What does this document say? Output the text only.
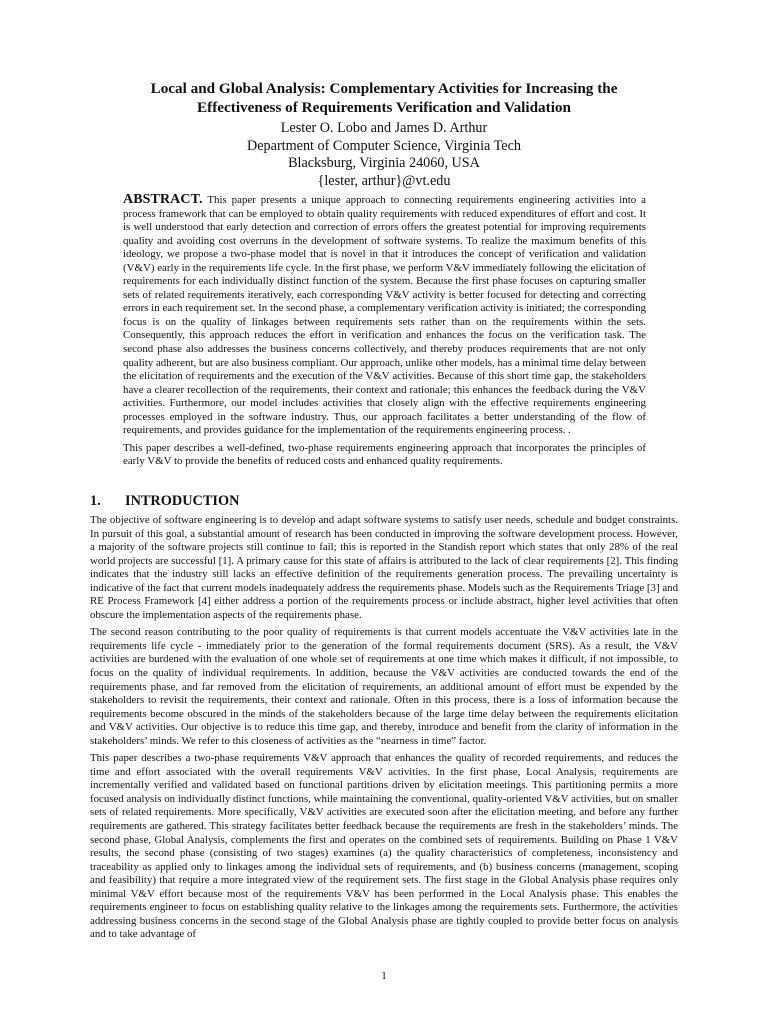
Local and Global Analysis: Complementary Activities for Increasing the
Effectiveness of Requirements Verification and Validation
Lester O. Lobo and James D. Arthur
Department of Computer Science, Virginia Tech
Blacksburg, Virginia 24060, USA
{lester, arthur}@vt.edu

ABSTRACT. This paper presents a unique approach to connecting requirements engineering activities into a process framework that can be employed to obtain quality requirements with reduced expenditures of effort and cost. It is well understood that early detection and correction of errors offers the greatest potential for improving requirements quality and avoiding cost overruns in the development of software systems. To realize the maximum benefits of this ideology, we propose a two-phase model that is novel in that it introduces the concept of verification and validation (V&V) early in the requirements life cycle. In the first phase, we perform V&V immediately following the elicitation of requirements for each individually distinct function of the system. Because the first phase focuses on capturing smaller sets of related requirements iteratively, each corresponding V&V activity is better focused for detecting and correcting errors in each requirement set. In the second phase, a complementary verification activity is initiated; the corresponding focus is on the quality of linkages between requirements sets rather than on the requirements within the sets. Consequently, this approach reduces the effort in verification and enhances the focus on the verification task. The second phase also addresses the business concerns collectively, and thereby produces requirements that are not only quality adherent, but are also business compliant. Our approach, unlike other models, has a minimal time delay between the elicitation of requirements and the execution of the V&V activities. Because of this short time gap, the stakeholders have a clearer recollection of the requirements, their context and rationale; this enhances the feedback during the V&V activities. Furthermore, our model includes activities that closely align with the effective requirements engineering processes employed in the software industry. Thus, our approach facilitates a better understanding of the flow of requirements, and provides guidance for the implementation of the requirements engineering process. .

This paper describes a well-defined, two-phase requirements engineering approach that incorporates the principles of early V&V to provide the benefits of reduced costs and enhanced quality requirements.

1. INTRODUCTION

The objective of software engineering is to develop and adapt software systems to satisfy user needs, schedule and budget constraints. In pursuit of this goal, a substantial amount of research has been conducted in improving the software development process. However, a majority of the software projects still continue to fail; this is reported in the Standish report which states that only 28% of the real world projects are successful [1]. A primary cause for this state of affairs is attributed to the lack of clear requirements [2]. This finding indicates that the industry still lacks an effective definition of the requirements generation process. The prevailing uncertainty is indicative of the fact that current models inadequately address the requirements phase. Models such as the Requirements Triage [3] and RE Process Framework [4] either address a portion of the requirements process or include abstract, higher level activities that often obscure the implementation aspects of the requirements phase.

The second reason contributing to the poor quality of requirements is that current models accentuate the V&V activities late in the requirements life cycle - immediately prior to the generation of the formal requirements document (SRS). As a result, the V&V activities are burdened with the evaluation of one whole set of requirements at one time which makes it difficult, if not impossible, to focus on the quality of individual requirements. In addition, because the V&V activities are conducted towards the end of the requirements phase, and far removed from the elicitation of requirements, an additional amount of effort must be expended by the stakeholders to revisit the requirements, their context and rationale. Often in this process, there is a loss of information because the requirements become obscured in the minds of the stakeholders because of the large time delay between the requirements elicitation and V&V activities. Our objective is to reduce this time gap, and thereby, introduce and benefit from the clarity of information in the stakeholders’ minds. We refer to this closeness of activities as the “nearness in time” factor.

This paper describes a two-phase requirements V&V approach that enhances the quality of recorded requirements, and reduces the time and effort associated with the overall requirements V&V activities. In the first phase, Local Analysis, requirements are incrementally verified and validated based on functional partitions driven by elicitation meetings. This partitioning permits a more focused analysis on individually distinct functions, while maintaining the conventional, quality-oriented V&V activities, but on smaller sets of related requirements. More specifically, V&V activities are executed soon after the elicitation meeting, and before any further requirements are gathered. This strategy facilitates better feedback because the requirements are fresh in the stakeholders’ minds. The second phase, Global Analysis, complements the first and operates on the combined sets of requirements. Building on Phase 1 V&V results, the second phase (consisting of two stages) examines (a) the quality characteristics of completeness, inconsistency and traceability as applied only to linkages among the individual sets of requirements, and (b) business concerns (management, scoping and feasibility) that require a more integrated view of the requirement sets. The first stage in the Global Analysis phase requires only minimal V&V effort because most of the requirements V&V has been performed in the Local Analysis phase. This enables the requirements engineer to focus on establishing quality relative to the linkages among the requirements sets. Furthermore, the activities addressing business concerns in the second stage of the Global Analysis phase are tightly coupled to provide better focus on analysis and to take advantage of

1
